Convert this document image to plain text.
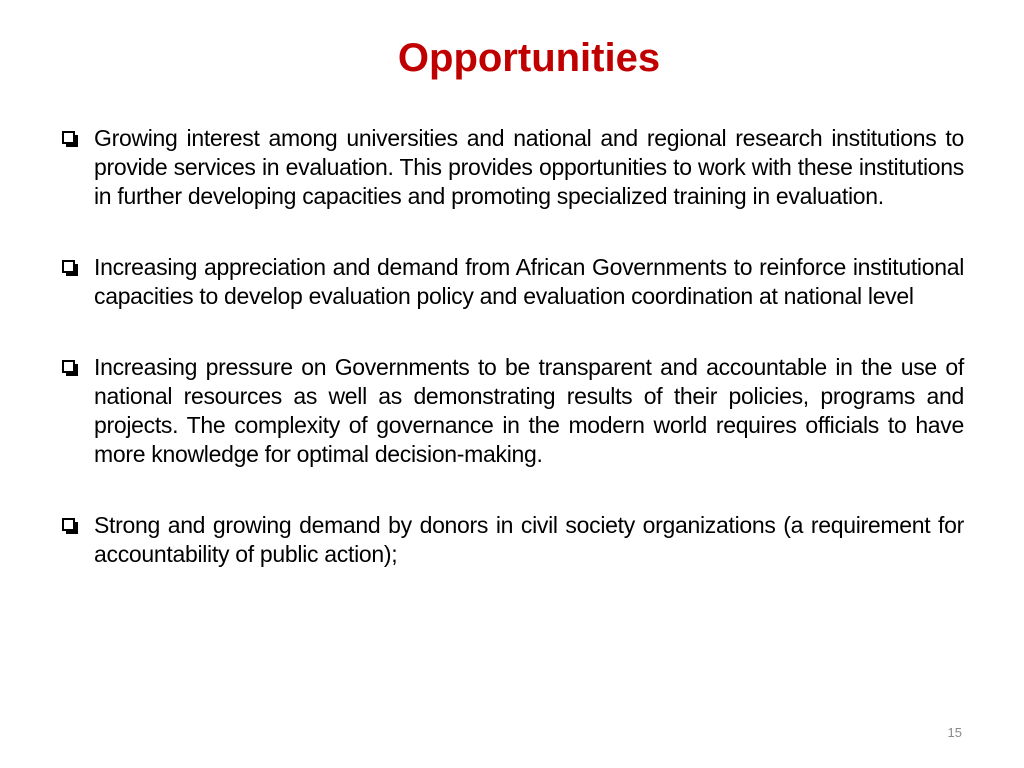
Opportunities
Growing interest among universities and national and regional research institutions to provide services in evaluation. This provides opportunities to work with these institutions in further developing capacities and promoting specialized training in evaluation.
Increasing appreciation and demand from African Governments to reinforce institutional capacities to develop evaluation policy and evaluation coordination at national level
Increasing pressure on Governments to be transparent and accountable in the use of national resources as well as demonstrating results of their policies, programs and projects. The complexity of governance in the modern world requires officials to have more knowledge for optimal decision-making.
Strong and growing demand by donors in civil society organizations (a requirement for accountability of public action);
15
